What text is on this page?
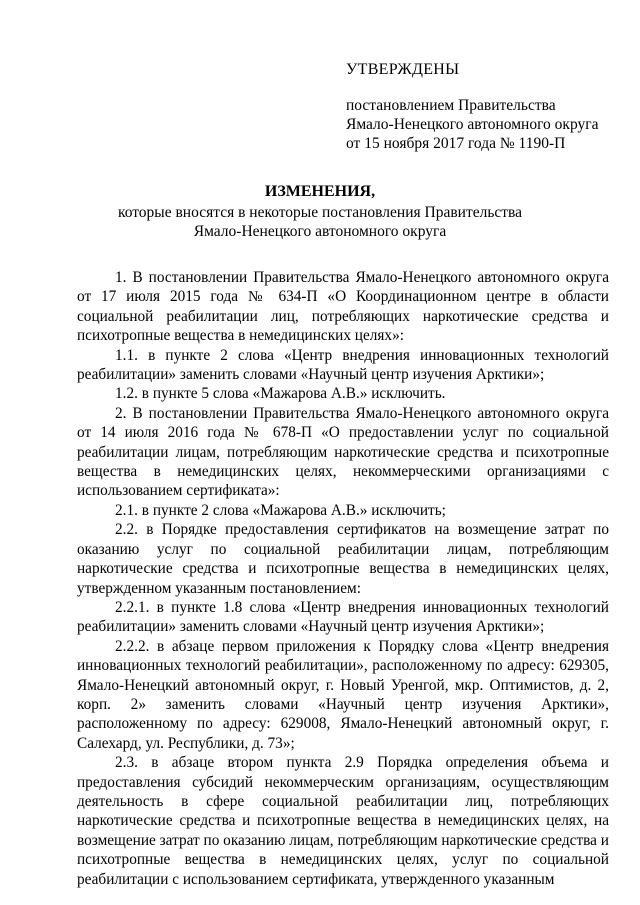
УТВЕРЖДЕНЫ
постановлением Правительства
Ямало-Ненецкого автономного округа
от 15 ноября 2017 года № 1190-П
ИЗМЕНЕНИЯ,
которые вносятся в некоторые постановления Правительства
Ямало-Ненецкого автономного округа

1. В постановлении Правительства Ямало-Ненецкого автономного округа от 17 июля 2015 года № 634-П «О Координационном центре в области социальной реабилитации лиц, потребляющих наркотические средства и психотропные вещества в немедицинских целях»:

1.1. в пункте 2 слова «Центр внедрения инновационных технологий реабилитации» заменить словами «Научный центр изучения Арктики»;

1.2. в пункте 5 слова «Мажарова А.В.» исключить.

2. В постановлении Правительства Ямало-Ненецкого автономного округа от 14 июля 2016 года № 678-П «О предоставлении услуг по социальной реабилитации лицам, потребляющим наркотические средства и психотропные вещества в немедицинских целях, некоммерческими организациями с использованием сертификата»:

2.1. в пункте 2 слова «Мажарова А.В.» исключить;

2.2. в Порядке предоставления сертификатов на возмещение затрат по оказанию услуг по социальной реабилитации лицам, потребляющим наркотические средства и психотропные вещества в немедицинских целях, утвержденном указанным постановлением:

2.2.1. в пункте 1.8 слова «Центр внедрения инновационных технологий реабилитации» заменить словами «Научный центр изучения Арктики»;

2.2.2. в абзаце первом приложения к Порядку слова «Центр внедрения инновационных технологий реабилитации», расположенному по адресу: 629305, Ямало-Ненецкий автономный округ, г. Новый Уренгой, мкр. Оптимистов, д. 2, корп. 2» заменить словами «Научный центр изучения Арктики», расположенному по адресу: 629008, Ямало-Ненецкий автономный округ, г. Салехард, ул. Республики, д. 73»;

2.3. в абзаце втором пункта 2.9 Порядка определения объема и предоставления субсидий некоммерческим организациям, осуществляющим деятельность в сфере социальной реабилитации лиц, потребляющих наркотические средства и психотропные вещества в немедицинских целях, на возмещение затрат по оказанию лицам, потребляющим наркотические средства и психотропные вещества в немедицинских целях, услуг по социальной реабилитации с использованием сертификата, утвержденного указанным
